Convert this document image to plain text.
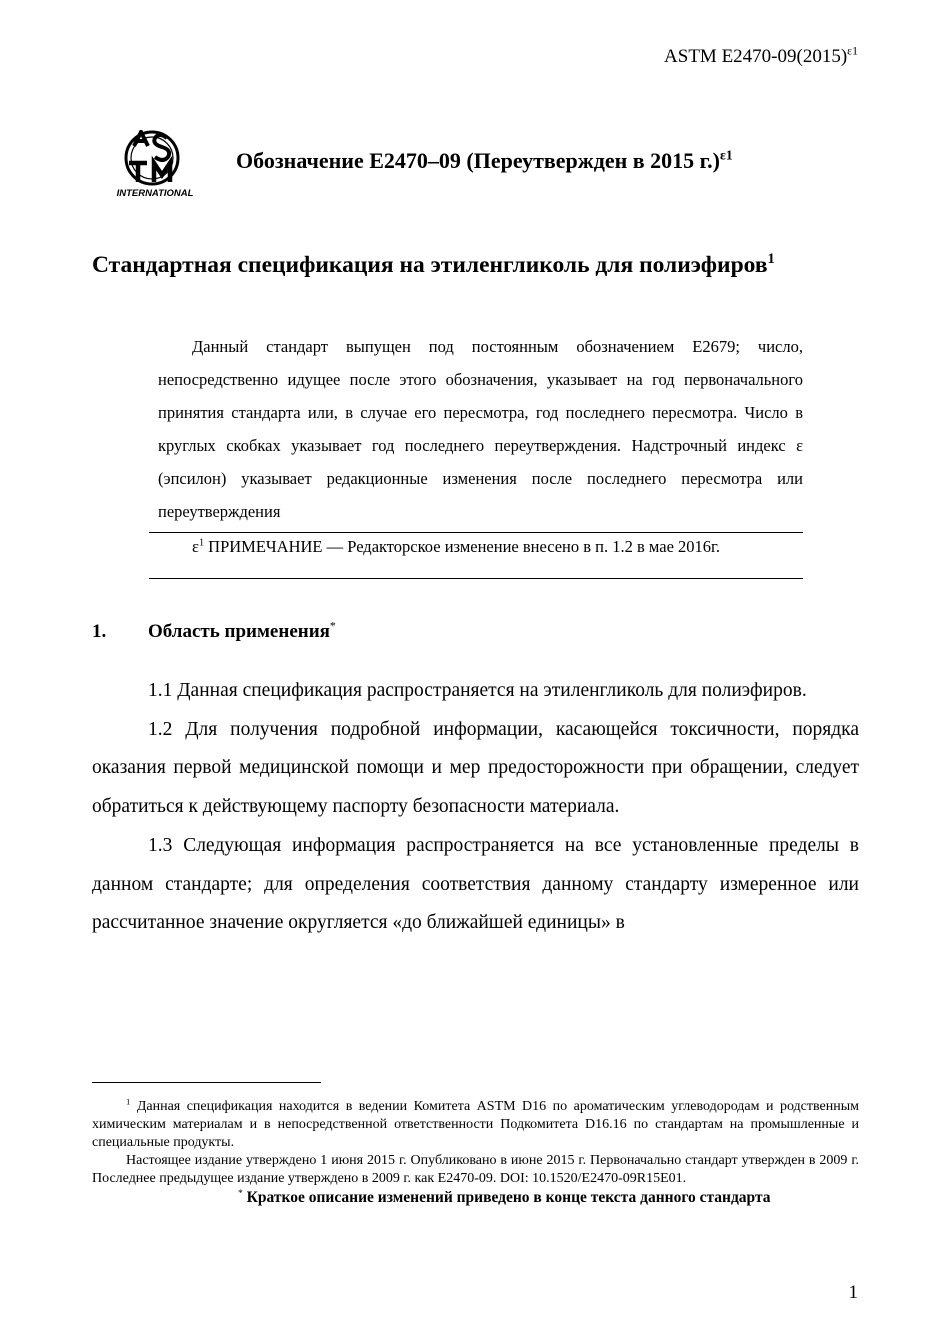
ASTM $E2470-09(2015)^{\varepsilon 1}$
INTERNATIONAL
Обозначение Е2470–09 (Переутвержден в 2015 г.)$^{\varepsilon 1}$
Стандартная спецификация на этиленгликоль для полиэфиров$^1$
Данный стандарт выпущен под постоянным обозначением Е2679; число, непосредственно идущее после этого обозначения, указывает на год первоначального принятия стандарта или, в случае его пересмотра, год последнего пересмотра. Число в круглых скобках указывает год последнего переутверждения. Надстрочный индекс ε (эпсилон) указывает редакционные изменения после последнего пересмотра или переутверждения
$\varepsilon^1$ ПРИМЕЧАНИЕ — Редакторское изменение внесено в п. 1.2 в мае 2016г.
1. Область применения*

1.1 Данная спецификация распространяется на этиленгликоль для полиэфиров.

1.2 Для получения подробной информации, касающейся токсичности, порядка оказания первой медицинской помощи и мер предосторожности при обращении, следует обратиться к действующему паспорту безопасности материала.

1.3 Следующая информация распространяется на все установленные пределы в данном стандарте; для определения соответствия данному стандарту измеренное или рассчитанное значение округляется «до ближайшей единицы» в

$^1$ Данная спецификация находится в ведении Комитета ASTM D16 по ароматическим углеводородам и родственным химическим материалам и в непосредственной ответственности Подкомитета D16.16 по стандартам на промышленные и специальные продукты.

Настоящее издание утверждено 1 июня 2015 г. Опубликовано в июне 2015 г. Первоначально стандарт утвержден в 2009 г. Последнее предыдущее издание утверждено в 2009 г. как E2470-09. DOI: 10.1520/E2470-09R15E01.

* Краткое описание изменений приведено в конце текста данного стандарта

1
